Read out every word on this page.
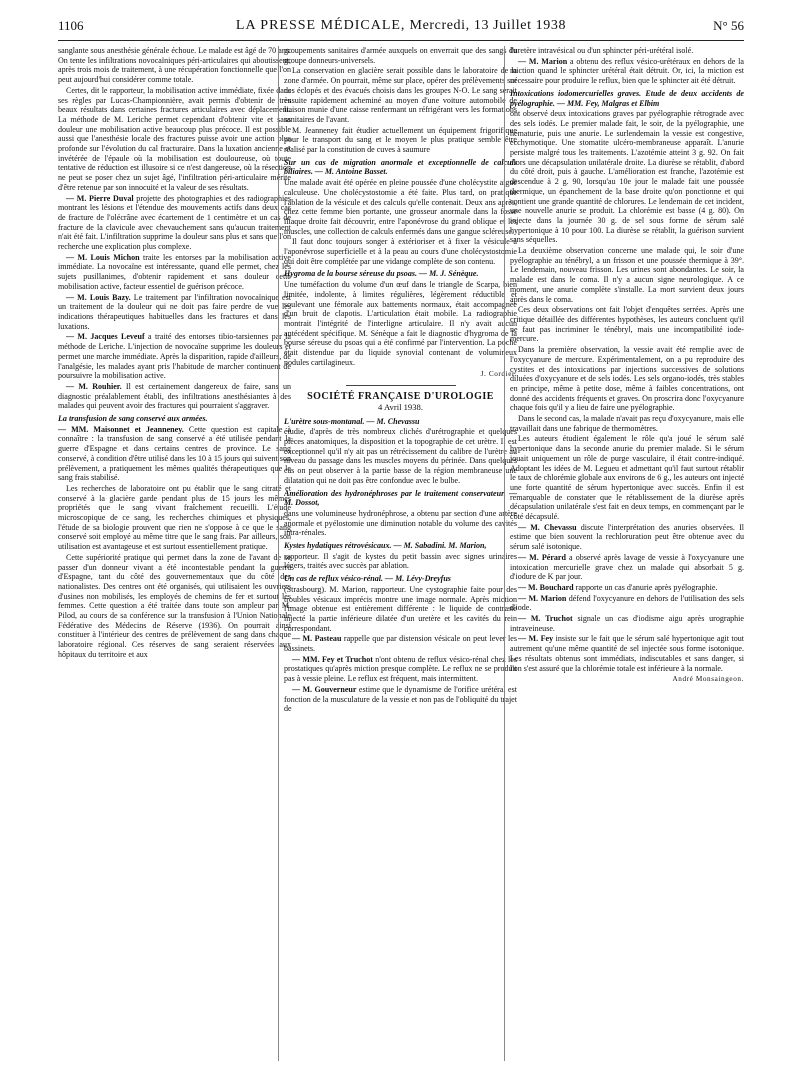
1106	LA PRESSE MÉDICALE, Mercredi, 13 Juillet 1938	N° 56

sanglante sous anesthésie générale échoue. Le malade est âgé de 70 ans. On tente les infiltrations novocaïniques péri-articulaires qui aboutissent, après trois mois de traitement, à une récupération fonctionnelle que l'on peut aujourd'hui considérer comme totale.

Certes, dit le rapporteur, la mobilisation active immédiate, fixée dans ses règles par Lucas-Championnière, avait permis d'obtenir de très beaux résultats dans certaines fractures articulaires avec déplacement. La méthode de M. Leriche permet cependant d'obtenir vite et sans douleur une mobilisation active beaucoup plus précoce. Il est possible aussi que l'anesthésie locale des fractures puisse avoir une action plus profonde sur l'évolution du cal fracturaire. Dans la luxation ancienne et invétérée de l'épaule où la mobilisation est douloureuse, où toute tentative de réduction est illusoire si ce n'est dangereuse, où la résection ne peut se poser chez un sujet âgé, l'infiltration péri-articulaire mérite d'être retenue par son innocuité et la valeur de ses résultats.

— M. Pierre Duval projette des photographies et des radiographies montrant les lésions et l'étendue des mouvements actifs dans deux cas de fracture de l'olécrâne avec écartement de 1 centimètre et un cas de fracture de la clavicule avec chevauchement sans qu'aucun traitement n'ait été fait. L'infiltration supprime la douleur sans plus et sans que l'on recherche une explication plus complexe.

— M. Louis Michon traite les entorses par la mobilisation active immédiate. La novocaïne est intéressante, quand elle permet, chez les sujets pusillanimes, d'obtenir rapidement et sans douleur cette mobilisation active, facteur essentiel de guérison précoce.

— M. Louis Bazy. Le traitement par l'infiltration novocaïnique est un traitement de la douleur qui ne doit pas faire perdre de vue les indications thérapeutiques habituelles dans les fractures et dans les luxations.

— M. Jacques Leveuf a traité des entorses tibio-tarsiennes par la méthode de Leriche. L'injection de novocaïne supprime les douleurs et permet une marche immédiate. Après la disparition, rapide d'ailleurs, de l'analgésie, les malades ayant pris l'habitude de marcher continuent de poursuivre la mobilisation active.

— M. Rouhier. Il est certainement dangereux de faire, sans un diagnostic préalablement établi, des infiltrations anesthésiantes à des malades qui peuvent avoir des fractures qui pourraient s'aggraver.

La transfusion de sang conservé aux armées.

— MM. Maisonnet et Jeanneney. Cette question est capitale à connaître : la transfusion de sang conservé a été utilisée pendant la guerre d'Espagne et dans certains centres de province. Le sang conservé, à condition d'être utilisé dans les 10 à 15 jours qui suivent son prélèvement, a pratiquement les mêmes qualités thérapeutiques que le sang frais stabilisé.

Les recherches de laboratoire ont pu établir que le sang citraté et conservé à la glacière garde pendant plus de 15 jours les mêmes propriétés que le sang vivant fraîchement recueilli. L'étude microscopique de ce sang, les recherches chimiques et physiques, l'étude de sa biologie prouvent que rien ne s'oppose à ce que le sang conservé soit employé au même titre que le sang frais. Par ailleurs, son utilisation est avantageuse et est surtout essentiellement pratique.

Cette supériorité pratique qui permet dans la zone de l'avant de se passer d'un donneur vivant a été incontestable pendant la guerre d'Espagne, tant du côté des gouvernementaux que du côté des nationalistes. Des centres ont été organisés, qui utilisaient les ouvriers d'usines non mobilisés, les employés de chemins de fer et surtout les femmes. Cette question a été traitée dans toute son ampleur par M. Pilod, au cours de sa conférence sur la transfusion à l'Union Nationale Fédérative des Médecins de Réserve (1936). On pourrait ainsi constituer à l'intérieur des centres de prélèvement de sang dans chaque laboratoire régional. Ces réserves de sang seraient réservées aux hôpitaux du territoire et aux

groupements sanitaires d'armée auxquels on enverrait que des sangs du groupe donneurs-universels.

La conservation en glacière serait possible dans le laboratoire de la zone d'armée. On pourrait, même sur place, opérer des prélèvements sur des éclopés et des évacués choisis dans les groupes N-O. Le sang serait ensuite rapidement acheminé au moyen d'une voiture automobile de liaison munie d'une caisse renfermant un réfrigérant vers les formations sanitaires de l'avant.

M. Jeanneney fait étudier actuellement un équipement frigorifique pour le transport du sang et le moyen le plus pratique semble être réalisé par la constitution de cuves à saumure

Sur un cas de migration anormale et exceptionnelle de calculs biliaires. — M. Antoine Basset.

Une malade avait été opérée en pleine poussée d'une cholécystite aiguë calculeuse. Une cholécystostomie a été faite. Plus tard, on pratique l'ablation de la vésicule et des calculs qu'elle contenait. Deux ans après, chez cette femme bien portante, une grosseur anormale dans la fosse iliaque droite fait découvrir, entre l'aponévrose du grand oblique et les muscles, une collection de calculs enfermés dans une gangue scléreuse.

Il faut donc toujours songer à extérioriser et à fixer la vésicule à l'aponévrose superficielle et à la peau au cours d'une cholécystostomie qui doit être complétée par une vidange complète de son contenu.

Hygroma de la bourse séreuse du psoas. — M. J. Sénèque.

Une tuméfaction du volume d'un œuf dans le triangle de Scarpa, bien limitée, indolente, à limites régulières, légèrement réductible et soulevant une fémorale aux battements normaux, était accompagnée d'un bruit de clapotis. L'articulation était mobile. La radiographie montrait l'intégrité de l'interligne articulaire. Il n'y avait aucun antécédent spécifique. M. Sénèque a fait le diagnostic d'hygroma de la bourse séreuse du psoas qui a été confirmé par l'intervention. La poche était distendue par du liquide synovial contenant de volumineux nodules cartilagineux.

J. Cordier.

SOCIÉTÉ FRANÇAISE D'UROLOGIE

4 Avril 1938.

L'urètre sous-montanal. — M. Chevassu

étudie, d'après de très nombreux clichés d'urétrographie et quelques pièces anatomiques, la disposition et la topographie de cet urètre. Il est exceptionnel qu'il n'y ait pas un rétrécissement du calibre de l'urètre au niveau du passage dans les muscles moyens du périnée. Dans quelques cas on peut observer à la partie basse de la région membraneuse une dilatation qui ne doit pas être confondue avec le bulbe.

Amélioration des hydronéphroses par le traitement conservateur. — M. Dossot,

dans une volumineuse hydronéphrose, a obtenu par section d'une artère anormale et pyélostomie une diminution notable du volume des cavités intra-rénales.

Kystes hydatiques rétrovésicaux. — M. Sabadini. M. Marion,

rapporteur. Il s'agit de kystes du petit bassin avec signes urinaires légers, traités avec succès par ablation.

Un cas de reflux vésico-rénal. — M. Lévy-Dreyfus

(Strasbourg). M. Marion, rapporteur. Une cystographie faite pour des troubles vésicaux imprécis montre une image normale. Après miction l'image obtenue est entièrement différente : le liquide de contraste injecté la partie inférieure dilatée d'un uretère et les cavités du rein correspondant.

— M. Pasteau rappelle que par distension vésicale on peut lever les bassinets.

— MM. Fey et Truchot n'ont obtenu de reflux vésico-rénal chez les prostatiques qu'après miction presque complète. Le reflux ne se produit pas à vessie pleine. Le reflux est fréquent, mais intermittent.

— M. Gouverneur estime que le dynamisme de l'orifice urétéral est fonction de la musculature de la vessie et non pas de l'obliquité du trajet de

l'uretère intravésical ou d'un sphincter péri-urétéral isolé.

— M. Marion a obtenu des reflux vésico-urétéraux en dehors de la miction quand le sphincter urétéral était détruit. Or, ici, la miction est nécessaire pour produire le reflux, bien que le sphincter ait été détruit.

Intoxications iodomercurielles graves. Etude de deux accidents de pyélographie. — MM. Fey, Malgras et Elbim

ont observé deux intoxications graves par pyélographie rétrograde avec des sels iodés. Le premier malade fait, le soir, de la pyélographie, une hématurie, puis une anurie. Le surlendemain la vessie est congestive, ecchymotique. Une stomatite ulcéro-membraneuse apparaît. L'anurie persiste malgré tous les traitements. L'azotémie atteint 3 g. 92. On fait alors une décapsulation unilatérale droite. La diurèse se rétablit, d'abord du côté droit, puis à gauche. L'amélioration est franche, l'azotémie est descendue à 2 g. 90, lorsqu'au 10e jour le malade fait une poussée thermique, un épanchement de la base droite qu'on ponctionne et qui contient une grande quantité de chlorures. Le lendemain de cet incident, une nouvelle anurie se produit. La chlorémie est basse (4 g. 80). On injecte dans la journée 30 g. de sel sous forme de sérum salé hypertonique à 10 pour 100. La diurèse se rétablit, la guérison survient sans séquelles.

La deuxième observation concerne une malade qui, le soir d'une pyélographie au ténébryl, a un frisson et une poussée thermique à 39°. Le lendemain, nouveau frisson. Les urines sont abondantes. Le soir, la malade est dans le coma. Il n'y a aucun signe neurologique. A ce moment, une anurie complète s'installe. La mort survient deux jours après dans le coma.

Ces deux observations ont fait l'objet d'enquêtes serrées. Après une critique détaillée des différentes hypothèses, les auteurs concluent qu'il ne faut pas incriminer le ténébryl, mais une incompatibilité iode-mercure.

Dans la première observation, la vessie avait été remplie avec de l'oxycyanure de mercure. Expérimentalement, on a pu reproduire des cystites et des intoxications par injections successives de solutions diluées d'oxycyanure et de sels iodés. Les sels organo-iodés, très stables en principe, même à petite dose, même à faibles concentrations, ont donné des accidents fréquents et graves. On proscrira donc l'oxycyanure chaque fois qu'il y a lieu de faire une pyélographie.

Dans le second cas, la malade n'avait pas reçu d'oxycyanure, mais elle travaillait dans une fabrique de thermomètres.

Les auteurs étudient également le rôle qu'a joué le sérum salé hypertonique dans la seconde anurie du premier malade. Si le sérum jouait uniquement un rôle de purge vasculaire, il était contre-indiqué. Adoptant les idées de M. Legueu et admettant qu'il faut surtout rétablir le taux de chlorémie globale aux environs de 6 g., les auteurs ont injecté une forte quantité de sérum hypertonique avec succès. Enfin il est remarquable de constater que le rétablissement de la diurèse après décapsulation unilatérale s'est fait en deux temps, en commençant par le côté décapsulé.

— M. Chevassu discute l'interprétation des anuries observées. Il estime que bien souvent la rechloruration peut être obtenue avec du sérum salé isotonique.

— M. Pérard a observé après lavage de vessie à l'oxycyanure une intoxication mercurielle grave chez un malade qui absorbait 5 g. d'iodure de K par jour.

— M. Bouchard rapporte un cas d'anurie après pyélographie.

— M. Marion défend l'oxycyanure en dehors de l'utilisation des sels d'iode.

— M. Truchot signale un cas d'iodisme aigu après urographie intraveineuse.

— M. Fey insiste sur le fait que le sérum salé hypertonique agit tout autrement qu'une même quantité de sel injectée sous forme isotonique. Les résultats obtenus sont immédiats, indiscutables et sans danger, si l'on s'est assuré que la chlorémie totale est inférieure à la normale.

André Monsaingeon.
